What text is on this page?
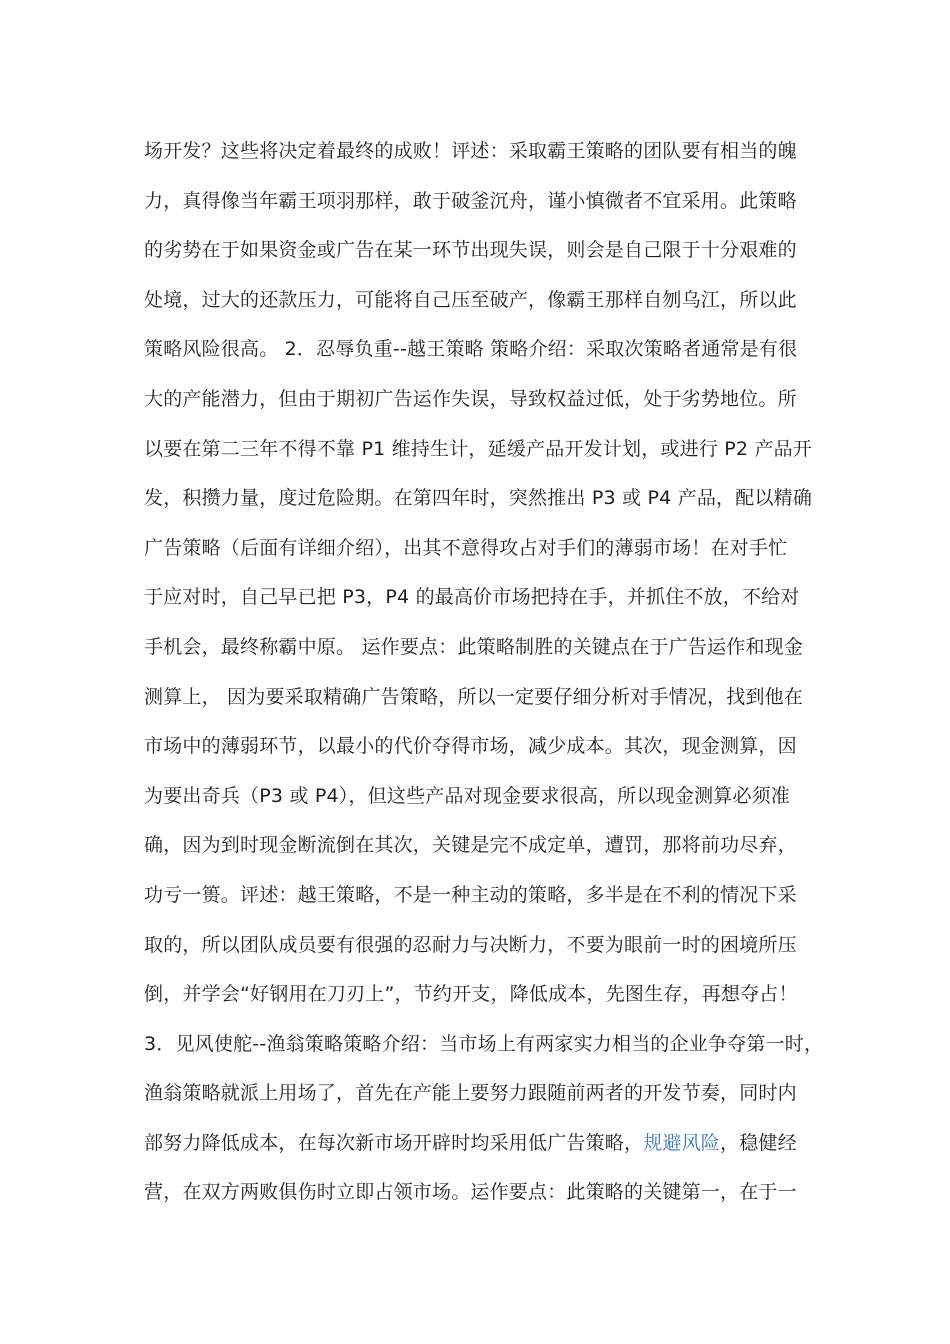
场开发？这些将决定着最终的成败！评述：采取霸王策略的团队要有相当的魄
力，真得像当年霸王项羽那样，敢于破釜沉舟，谨小慎微者不宜采用。此策略
的劣势在于如果资金或广告在某一环节出现失误，则会是自己限于十分艰难的
处境，过大的还款压力，可能将自己压至破产，像霸王那样自刎乌江，所以此
策略风险很高。 2．忍辱负重--越王策略 策略介绍：采取次策略者通常是有很
大的产能潜力，但由于期初广告运作失误，导致权益过低，处于劣势地位。所
以要在第二三年不得不靠 P1 维持生计，延缓产品开发计划，或进行 P2 产品开
发，积攒力量，度过危险期。在第四年时，突然推出 P3 或 P4 产品，配以精确
广告策略（后面有详细介绍），出其不意得攻占对手们的薄弱市场！在对手忙
于应对时，自己早已把 P3，P4 的最高价市场把持在手，并抓住不放，不给对
手机会，最终称霸中原。 运作要点：此策略制胜的关键点在于广告运作和现金
测算上， 因为要采取精确广告策略，所以一定要仔细分析对手情况，找到他在
市场中的薄弱环节，以最小的代价夺得市场，减少成本。其次，现金测算，因
为要出奇兵（P3 或 P4），但这些产品对现金要求很高，所以现金测算必须准
确，因为到时现金断流倒在其次，关键是完不成定单，遭罚，那将前功尽弃，
功亏一篑。评述：越王策略，不是一种主动的策略，多半是在不利的情况下采
取的，所以团队成员要有很强的忍耐力与决断力，不要为眼前一时的困境所压
倒，并学会“好钢用在刀刃上”，节约开支，降低成本，先图生存，再想夺占！
3．见风使舵--渔翁策略策略介绍：当市场上有两家实力相当的企业争夺第一时，
渔翁策略就派上用场了，首先在产能上要努力跟随前两者的开发节奏，同时内
部努力降低成本，在每次新市场开辟时均采用低广告策略，规避风险，稳健经
营，在双方两败俱伤时立即占领市场。运作要点：此策略的关键第一，在于一
